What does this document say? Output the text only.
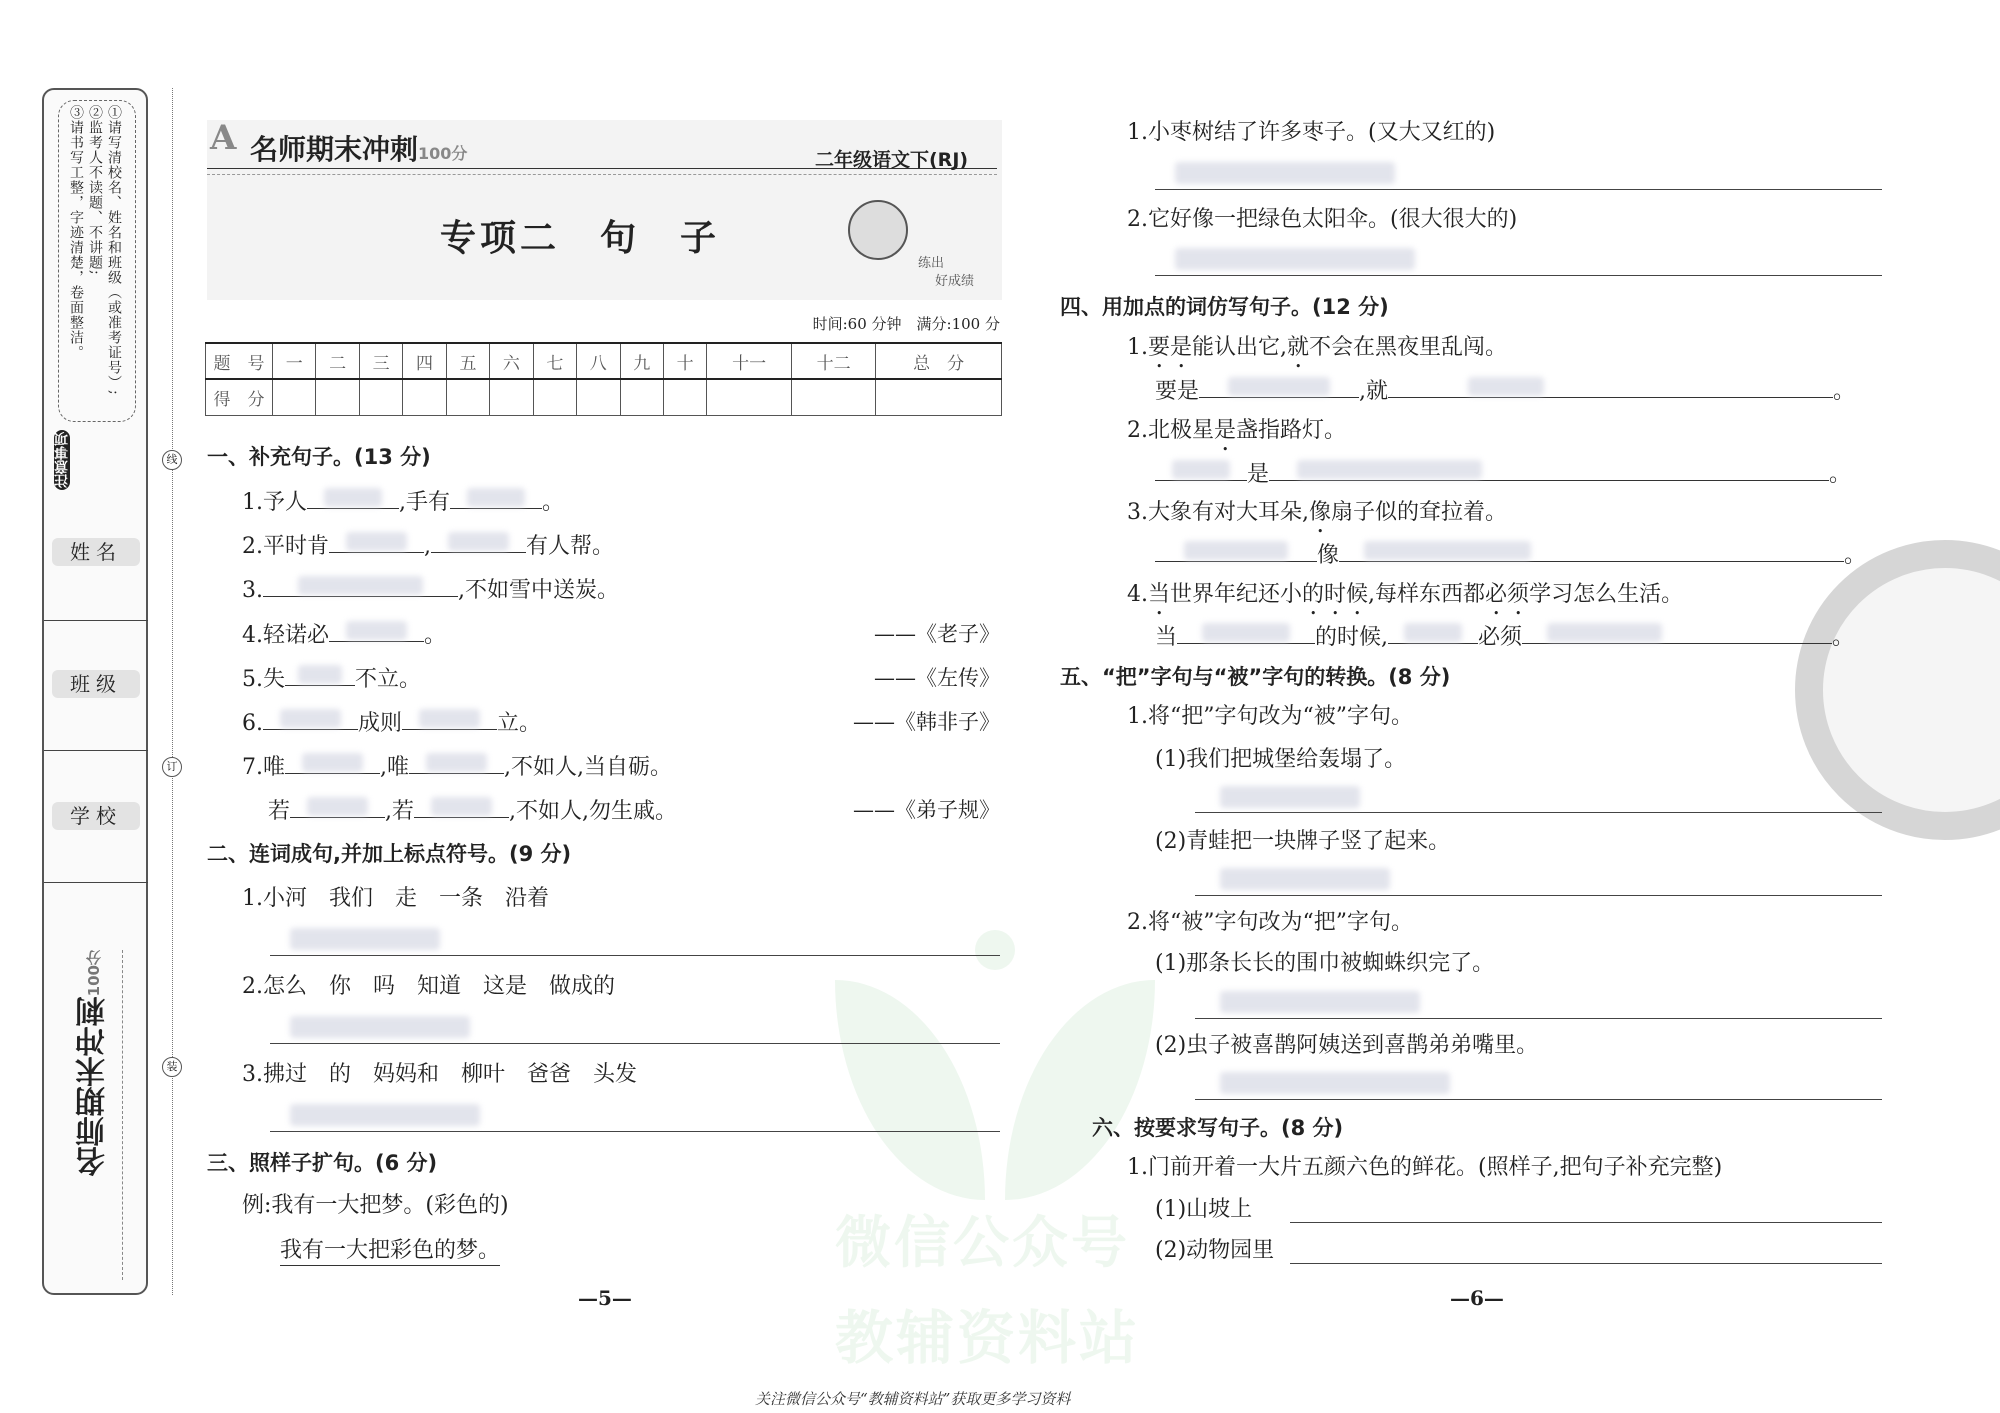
①请写清校名、姓名和班级（或准考证号）;
②监考人不读题、不讲题;
③请书写工整，字迹清楚，卷面整洁。
注意事项
姓名
班级
学校
名师期末冲刺100分
线
订
装
微信公众号
教辅资料站
A 名师期末冲刺100分	二年级语文下(RJ)
专项二　句　子
练出
好成绩
时间:60 分钟　满分:100 分
题　号	一	二	三	四	五	六	七	八	九	十	十一	十二	总　分
得　分													
一、补充句子。(13 分)
1.予人	,手有	。
2.平时肯	,	有人帮。
3.	,不如雪中送炭。
4.轻诺必	。	——《老子》
5.失	不立。	——《左传》
6.	成则	立。	——《韩非子》
7.唯	,唯	,不如人,当自砺。
若	,若	,不如人,勿生戚。	——《弟子规》
二、连词成句,并加上标点符号。(9 分)
1.小河　我们　走　一条　沿着
2.怎么　你　吗　知道　这是　做成的
3.拂过　的　妈妈和　柳叶　爸爸　头发
三、照样子扩句。(6 分)
例:我有一大把梦。(彩色的)
我有一大把彩色的梦。
—5—
1.小枣树结了许多枣子。(又大又红的)
2.它好像一把绿色太阳伞。(很大很大的)
四、用加点的词仿写句子。(12 分)
1.要是能认出它,就不会在黑夜里乱闯。
要是	,就	。
2.北极星是盏指路灯。
是	。
3.大象有对大耳朵,像扇子似的耷拉着。
像	。
4.当世界年纪还小的时候,每样东西都必须学习怎么生活。
当	的时候,	必须	。
五、“把”字句与“被”字句的转换。(8 分)
1.将“把”字句改为“被”字句。
(1)我们把城堡给轰塌了。
(2)青蛙把一块牌子竖了起来。
2.将“被”字句改为“把”字句。
(1)那条长长的围巾被蜘蛛织完了。
(2)虫子被喜鹊阿姨送到喜鹊弟弟嘴里。
六、按要求写句子。(8 分)
1.门前开着一大片五颜六色的鲜花。(照样子,把句子补充完整)
(1)山坡上
(2)动物园里
—6—
关注微信公众号“教辅资料站”获取更多学习资料
